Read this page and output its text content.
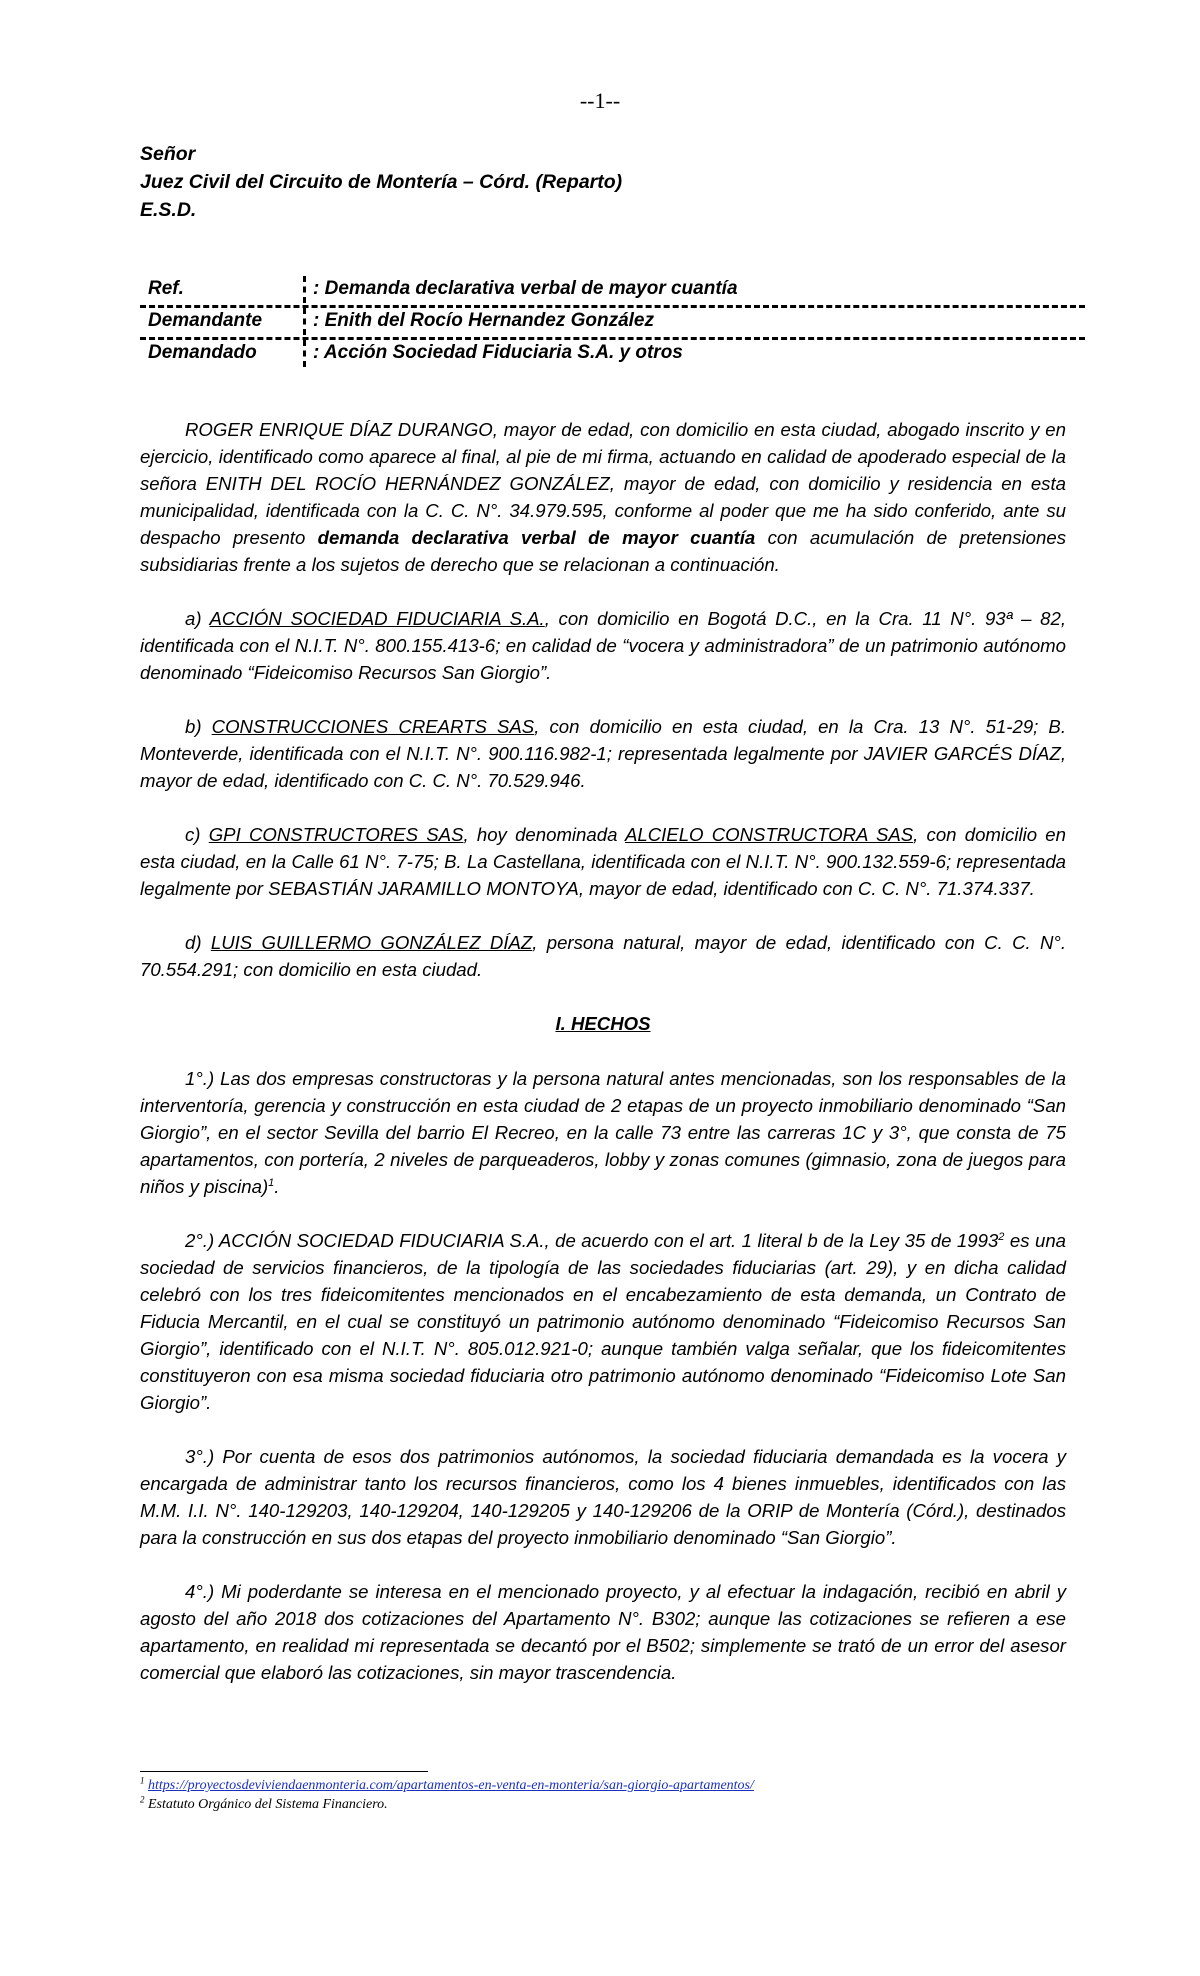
--1--
Señor
Juez Civil del Circuito de Montería – Córd. (Reparto)
E.S.D.
Ref.	: Demanda declarativa verbal de mayor cuantía
Demandante	: Enith del Rocío Hernandez González
Demandado	: Acción Sociedad Fiduciaria S.A. y otros

ROGER ENRIQUE DÍAZ DURANGO, mayor de edad, con domicilio en esta ciudad, abogado inscrito y en ejercicio, identificado como aparece al final, al pie de mi firma, actuando en calidad de apoderado especial de la señora ENITH DEL ROCÍO HERNÁNDEZ GONZÁLEZ, mayor de edad, con domicilio y residencia en esta municipalidad, identificada con la C. C. N°. 34.979.595, conforme al poder que me ha sido conferido, ante su despacho presento demanda declarativa verbal de mayor cuantía con acumulación de pretensiones subsidiarias frente a los sujetos de derecho que se relacionan a continuación.

a) ACCIÓN SOCIEDAD FIDUCIARIA S.A., con domicilio en Bogotá D.C., en la Cra. 11 N°. 93ª – 82, identificada con el N.I.T. N°. 800.155.413-6; en calidad de “vocera y administradora” de un patrimonio autónomo denominado “Fideicomiso Recursos San Giorgio”.

b) CONSTRUCCIONES CREARTS SAS, con domicilio en esta ciudad, en la Cra. 13 N°. 51-29; B. Monteverde, identificada con el N.I.T. N°. 900.116.982-1; representada legalmente por JAVIER GARCÉS DÍAZ, mayor de edad, identificado con C. C. N°. 70.529.946.

c) GPI CONSTRUCTORES SAS, hoy denominada ALCIELO CONSTRUCTORA SAS, con domicilio en esta ciudad, en la Calle 61 N°. 7-75; B. La Castellana, identificada con el N.I.T. N°. 900.132.559-6; representada legalmente por SEBASTIÁN JARAMILLO MONTOYA, mayor de edad, identificado con C. C. N°. 71.374.337.

d) LUIS GUILLERMO GONZÁLEZ DÍAZ, persona natural, mayor de edad, identificado con C. C. N°. 70.554.291; con domicilio en esta ciudad.

I. HECHOS

1°.) Las dos empresas constructoras y la persona natural antes mencionadas, son los responsables de la interventoría, gerencia y construcción en esta ciudad de 2 etapas de un proyecto inmobiliario denominado “San Giorgio”, en el sector Sevilla del barrio El Recreo, en la calle 73 entre las carreras 1C y 3°, que consta de 75 apartamentos, con portería, 2 niveles de parqueaderos, lobby y zonas comunes (gimnasio, zona de juegos para niños y piscina)$^1$.

2°.) ACCIÓN SOCIEDAD FIDUCIARIA S.A., de acuerdo con el art. 1 literal b de la Ley 35 de 1993$^2$ es una sociedad de servicios financieros, de la tipología de las sociedades fiduciarias (art. 29), y en dicha calidad celebró con los tres fideicomitentes mencionados en el encabezamiento de esta demanda, un Contrato de Fiducia Mercantil, en el cual se constituyó un patrimonio autónomo denominado “Fideicomiso Recursos San Giorgio”, identificado con el N.I.T. N°. 805.012.921-0; aunque también valga señalar, que los fideicomitentes constituyeron con esa misma sociedad fiduciaria otro patrimonio autónomo denominado “Fideicomiso Lote San Giorgio”.

3°.) Por cuenta de esos dos patrimonios autónomos, la sociedad fiduciaria demandada es la vocera y encargada de administrar tanto los recursos financieros, como los 4 bienes inmuebles, identificados con las M.M. I.I. N°. 140-129203, 140-129204, 140-129205 y 140-129206 de la ORIP de Montería (Córd.), destinados para la construcción en sus dos etapas del proyecto inmobiliario denominado “San Giorgio”.

4°.) Mi poderdante se interesa en el mencionado proyecto, y al efectuar la indagación, recibió en abril y agosto del año 2018 dos cotizaciones del Apartamento N°. B302; aunque las cotizaciones se refieren a ese apartamento, en realidad mi representada se decantó por el B502; simplemente se trató de un error del asesor comercial que elaboró las cotizaciones, sin mayor trascendencia.

$^1$ https://proyectosdeviviendaenmonteria.com/apartamentos-en-venta-en-monteria/san-giorgio-apartamentos/
$^2$ Estatuto Orgánico del Sistema Financiero.
